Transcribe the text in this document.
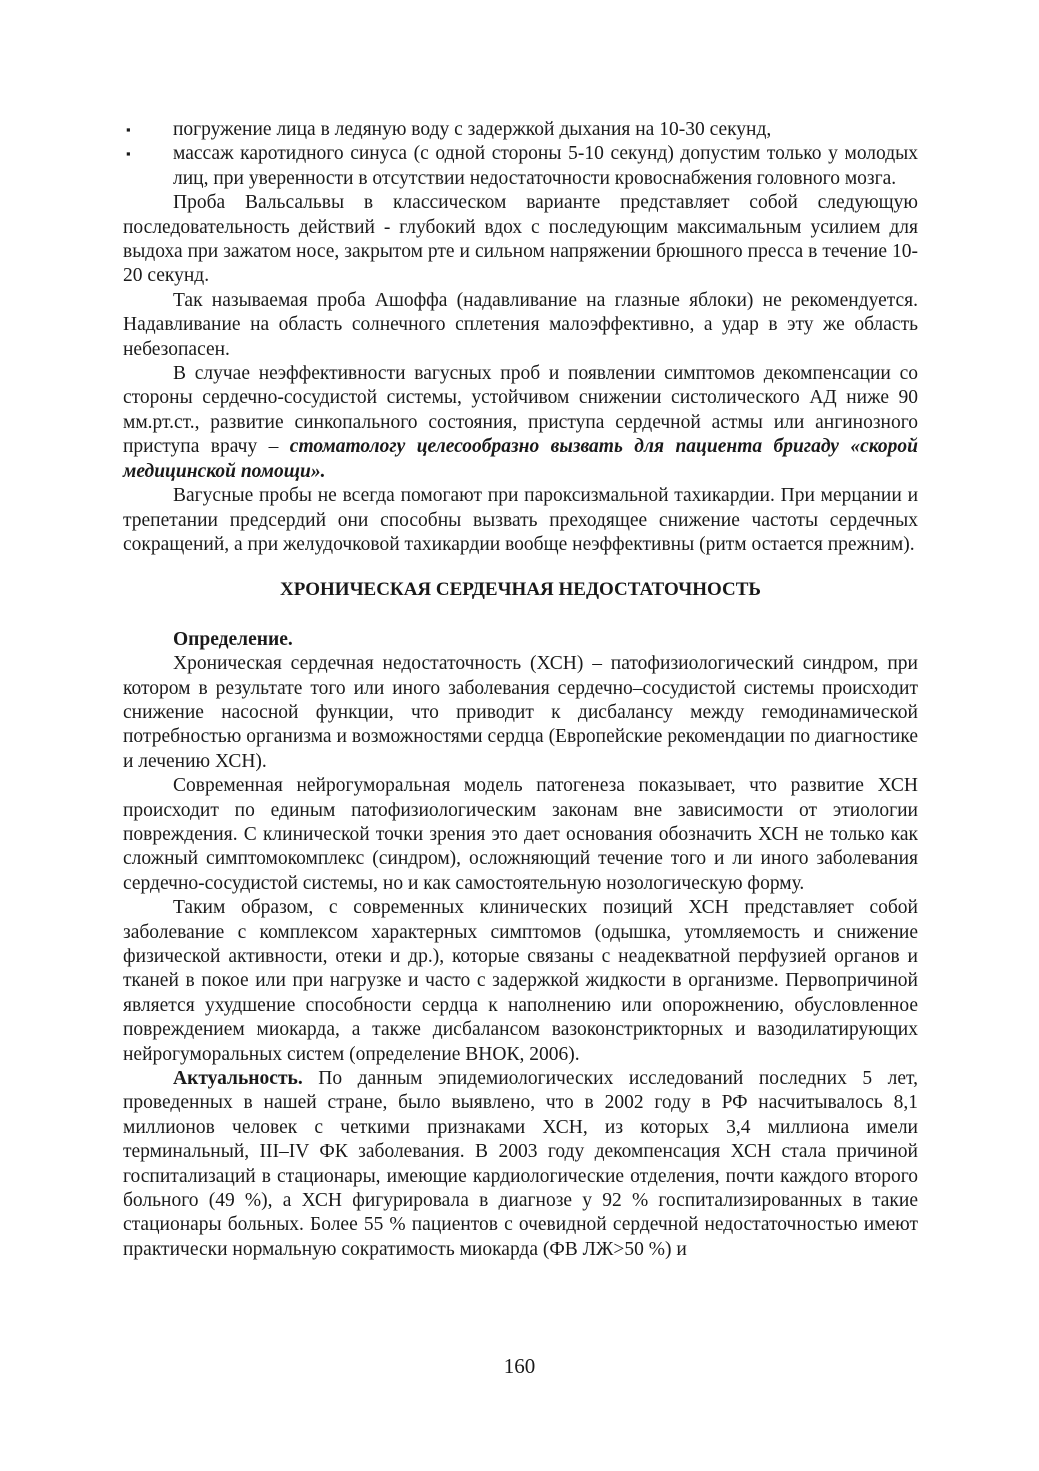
▪ погружение лица в ледяную воду с задержкой дыхания на 10-30 секунд,
▪ массаж каротидного синуса (с одной стороны 5-10 секунд) допустим только у молодых лиц, при уверенности в отсутствии недостаточности кровоснабжения головного мозга.

Проба Вальсальвы в классическом варианте представляет собой следующую последовательность действий - глубокий вдох с последующим максимальным усилием для выдоха при зажатом носе, закрытом рте и сильном напряжении брюшного пресса в течение 10-20 секунд.

Так называемая проба Ашоффа (надавливание на глазные яблоки) не рекомендуется. Надавливание на область солнечного сплетения малоэффективно, а удар в эту же область небезопасен.

В случае неэффективности вагусных проб и появлении симптомов декомпенсации со стороны сердечно-сосудистой системы, устойчивом снижении систолического АД ниже 90 мм.рт.ст., развитие синкопального состояния, приступа сердечной астмы или ангинозного приступа врачу – стоматологу целесообразно вызвать для пациента бригаду «скорой медицинской помощи».

Вагусные пробы не всегда помогают при пароксизмальной тахикардии. При мерцании и трепетании предсердий они способны вызвать преходящее снижение частоты сердечных сокращений, а при желудочковой тахикардии вообще неэффективны (ритм остается прежним).

ХРОНИЧЕСКАЯ СЕРДЕЧНАЯ НЕДОСТАТОЧНОСТЬ

Определение.

Хроническая сердечная недостаточность (ХСН) – патофизиологический синдром, при котором в результате того или иного заболевания сердечно–сосудистой системы происходит снижение насосной функции, что приводит к дисбалансу между гемодинамической потребностью организма и возможностями сердца (Европейские рекомендации по диагностике и лечению ХСН).

Современная нейрогуморальная модель патогенеза показывает, что развитие ХСН происходит по единым патофизиологическим законам вне зависимости от этиологии повреждения. С клинической точки зрения это дает основания обозначить ХСН не только как сложный симптомокомплекс (синдром), осложняющий течение того и ли иного заболевания сердечно-сосудистой системы, но и как самостоятельную нозологическую форму.

Таким образом, с современных клинических позиций ХСН представляет собой заболевание с комплексом характерных симптомов (одышка, утомляемость и снижение физической активности, отеки и др.), которые связаны с неадекватной перфузией органов и тканей в покое или при нагрузке и часто с задержкой жидкости в организме. Первопричиной является ухудшение способности сердца к наполнению или опорожнению, обусловленное повреждением миокарда, а также дисбалансом вазоконстрикторных и вазодилатирующих нейрогуморальных систем (определение ВНОК, 2006).

Актуальность. По данным эпидемиологических исследований последних 5 лет, проведенных в нашей стране, было выявлено, что в 2002 году в РФ насчитывалось 8,1 миллионов человек с четкими признаками ХСН, из которых 3,4 миллиона имели терминальный, III–IV ФК заболевания. В 2003 году декомпенсация ХСН стала причиной госпитализаций в стационары, имеющие кардиологические отделения, почти каждого второго больного (49 %), а ХСН фигурировала в диагнозе у 92 % госпитализированных в такие стационары больных. Более 55 % пациентов с очевидной сердечной недостаточностью имеют практически нормальную сократимость миокарда (ФВ ЛЖ>50 %) и

160
